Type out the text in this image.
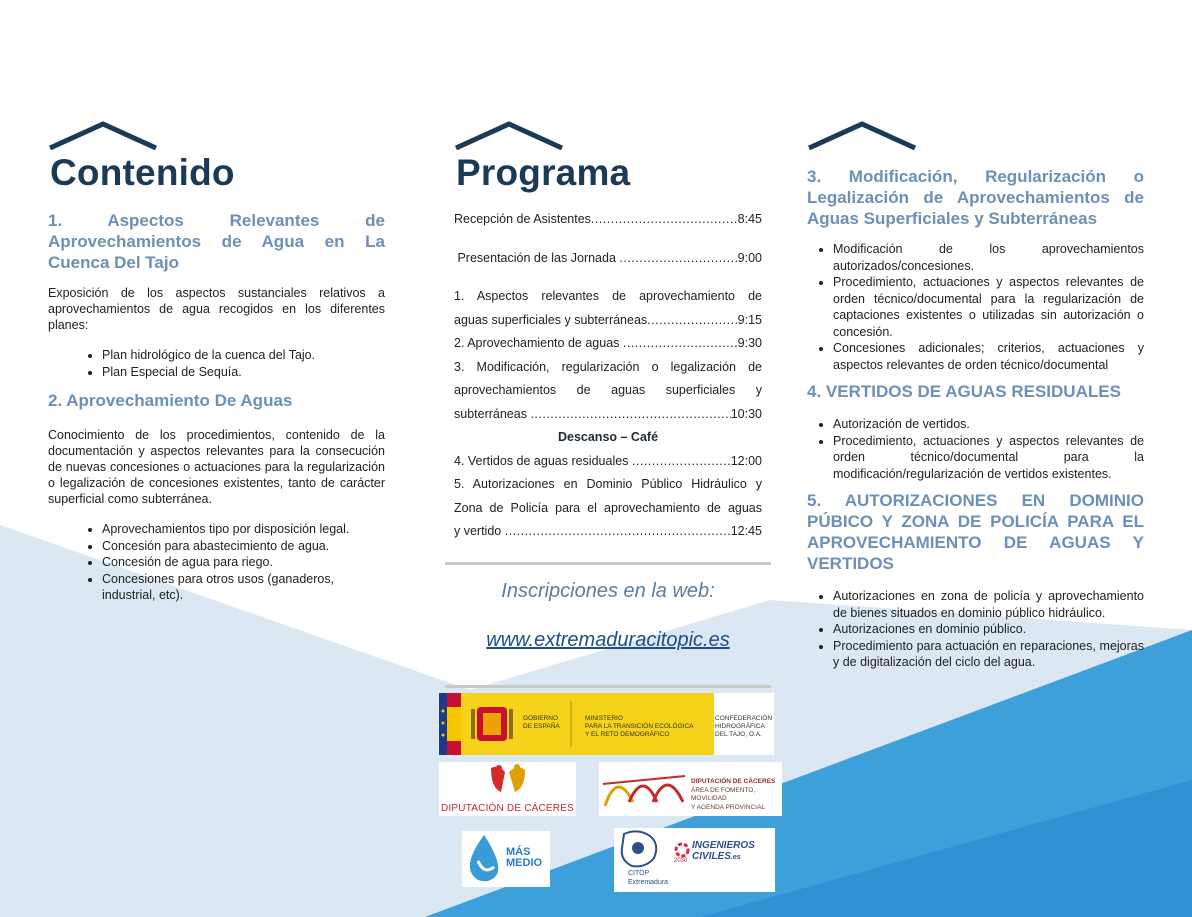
Contenido
1. Aspectos Relevantes de Aprovechamientos de Agua en La Cuenca Del Tajo
Exposición de los aspectos sustanciales relativos a aprovechamientos de agua recogidos en los diferentes planes:
• Plan hidrológico de la cuenca del Tajo.
• Plan Especial de Sequía.
2. Aprovechamiento De Aguas
Conocimiento de los procedimientos, contenido de la documentación y aspectos relevantes para la consecución de nuevas concesiones o actuaciones para la regularización o legalización de concesiones existentes, tanto de carácter superficial como subterránea.
• Aprovechamientos tipo por disposición legal.
• Concesión para abastecimiento de agua.
• Concesión de agua para riego.
• Concesiones para otros usos (ganaderos, industrial, etc).
Programa
Recepción de Asistentes .....	8:45
Presentación de las Jornada .....	9:00
1. Aspectos relevantes de aprovechamiento de
aguas superficiales y subterráneas .....	9:15
2. Aprovechamiento de aguas .....	9:30
3. Modificación, regularización o legalización de
aprovechamientos de aguas superficiales y
subterráneas .....	10:30
Descanso – Café
4. Vertidos de aguas residuales .....	12:00
5. Autorizaciones en Dominio Público Hidráulico y
Zona de Policía para el aprovechamiento de aguas
y vertido .....	12:45
Inscripciones en la web:
www.extremaduracitopic.es
GOBIERNO
DE ESPAÑA
MINISTERIO
PARA LA TRANSICIÓN ECOLÓGICA
Y EL RETO DEMOGRÁFICO
CONFEDERACIÓN
HIDROGRÁFICA
DEL TAJO, O.A.
DIPUTACIÓN DE CÁCERES
DIPUTACIÓN DE CÁCERES
ÁREA DE FOMENTO, MOVILIDAD
Y AGENDA PROVINCIAL
MÁS
MEDIO
CITOP
Extremadura
2030
INGENIEROS
CIVILES.es
3. Modificación, Regularización o Legalización de Aprovechamientos de Aguas Superficiales y Subterráneas
• Modificación de los aprovechamientos autorizados/concesiones.
• Procedimiento, actuaciones y aspectos relevantes de orden técnico/documental para la regularización de captaciones existentes o utilizadas sin autorización o concesión.
• Concesiones adicionales; criterios, actuaciones y aspectos relevantes de orden técnico/documental
4. VERTIDOS DE AGUAS RESIDUALES
• Autorización de vertidos.
• Procedimiento, actuaciones y aspectos relevantes de orden técnico/documental para la modificación/regularización de vertidos existentes.
5. AUTORIZACIONES EN DOMINIO PÚBICO Y ZONA DE POLICÍA PARA EL APROVECHAMIENTO DE AGUAS Y VERTIDOS
• Autorizaciones en zona de policía y aprovechamiento de bienes situados en dominio público hidráulico.
• Autorizaciones en dominio público.
• Procedimiento para actuación en reparaciones, mejoras y de digitalización del ciclo del agua.
